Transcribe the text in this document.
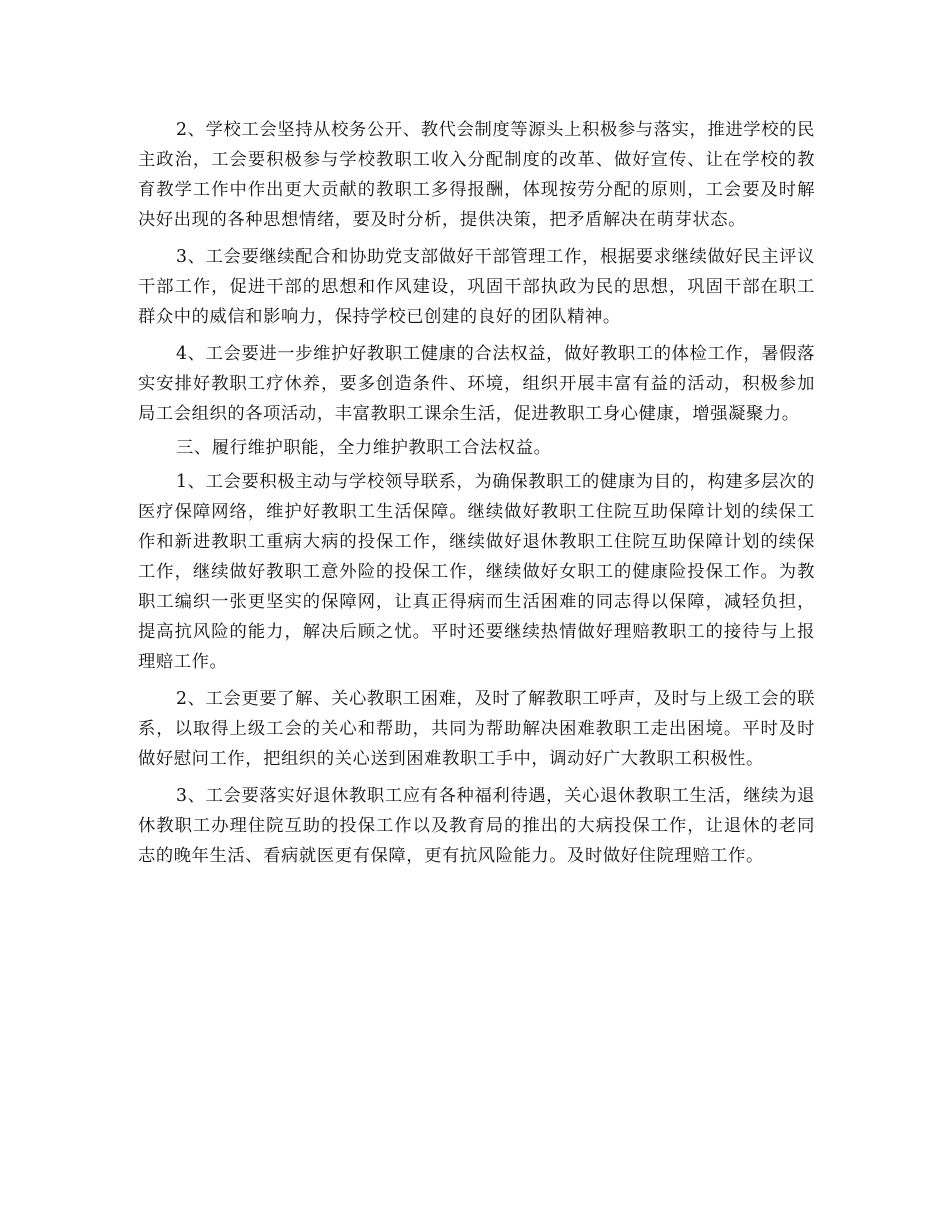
2、学校工会坚持从校务公开、教代会制度等源头上积极参与落实，推进学校的民主政治，工会要积极参与学校教职工收入分配制度的改革、做好宣传、让在学校的教育教学工作中作出更大贡献的教职工多得报酬，体现按劳分配的原则，工会要及时解决好出现的各种思想情绪，要及时分析，提供决策，把矛盾解决在萌芽状态。

3、工会要继续配合和协助党支部做好干部管理工作，根据要求继续做好民主评议干部工作，促进干部的思想和作风建设，巩固干部执政为民的思想，巩固干部在职工群众中的威信和影响力，保持学校已创建的良好的团队精神。

4、工会要进一步维护好教职工健康的合法权益，做好教职工的体检工作，暑假落实安排好教职工疗休养，要多创造条件、环境，组织开展丰富有益的活动，积极参加局工会组织的各项活动，丰富教职工课余生活，促进教职工身心健康，增强凝聚力。

三、履行维护职能，全力维护教职工合法权益。

1、工会要积极主动与学校领导联系，为确保教职工的健康为目的，构建多层次的医疗保障网络，维护好教职工生活保障。继续做好教职工住院互助保障计划的续保工作和新进教职工重病大病的投保工作，继续做好退休教职工住院互助保障计划的续保工作，继续做好教职工意外险的投保工作，继续做好女职工的健康险投保工作。为教职工编织一张更坚实的保障网，让真正得病而生活困难的同志得以保障，减轻负担，提高抗风险的能力，解决后顾之忧。平时还要继续热情做好理赔教职工的接待与上报理赔工作。

2、工会更要了解、关心教职工困难，及时了解教职工呼声，及时与上级工会的联系，以取得上级工会的关心和帮助，共同为帮助解决困难教职工走出困境。平时及时做好慰问工作，把组织的关心送到困难教职工手中，调动好广大教职工积极性。

3、工会要落实好退休教职工应有各种福利待遇，关心退休教职工生活，继续为退休教职工办理住院互助的投保工作以及教育局的推出的大病投保工作，让退休的老同志的晚年生活、看病就医更有保障，更有抗风险能力。及时做好住院理赔工作。
